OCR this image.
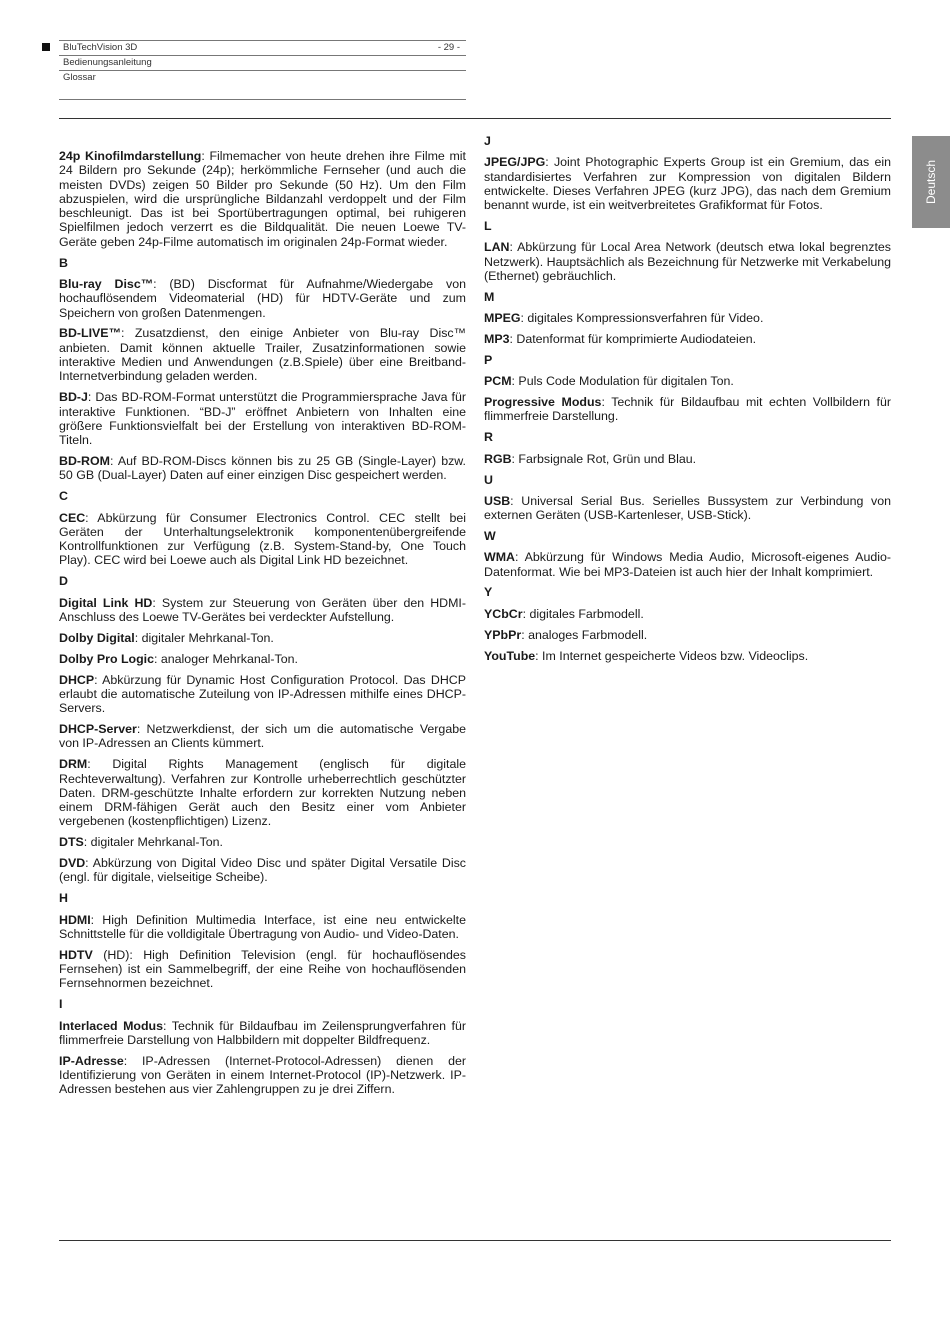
BluTechVision 3D	- 29 -
Bedienungsanleitung
Glossar
Deutsch
24p Kinofilmdarstellung: Filmemacher von heute drehen ihre Filme mit 24 Bildern pro Sekunde (24p); herkömmliche Fernseher (und auch die meisten DVDs) zeigen 50 Bilder pro Sekunde (50 Hz). Um den Film abzuspielen, wird die ursprüngliche Bildanzahl verdoppelt und der Film beschleunigt. Das ist bei Sportübertragungen optimal, bei ruhigeren Spielfilmen jedoch verzerrt es die Bildqualität. Die neuen Loewe TV-Geräte geben 24p-Filme automatisch im originalen 24p-Format wieder.
B
Blu-ray Disc™: (BD) Discformat für Aufnahme/Wiedergabe von hochauflösendem Videomaterial (HD) für HDTV-Geräte und zum Speichern von großen Datenmengen.
BD-LIVE™: Zusatzdienst, den einige Anbieter von Blu-ray Disc™ anbieten. Damit können aktuelle Trailer, Zusatzinformationen sowie interaktive Medien und Anwendungen (z.B.Spiele) über eine Breitband-Internetverbindung geladen werden.
BD-J: Das BD-ROM-Format unterstützt die Programmiersprache Java für interaktive Funktionen. “BD-J” eröffnet Anbietern von Inhalten eine größere Funktionsvielfalt bei der Erstellung von interaktiven BD-ROM-Titeln.
BD-ROM: Auf BD-ROM-Discs können bis zu 25 GB (Single-Layer) bzw. 50 GB (Dual-Layer) Daten auf einer einzigen Disc gespeichert werden.
C
CEC: Abkürzung für Consumer Electronics Control. CEC stellt bei Geräten der Unterhaltungselektronik komponentenübergreifende Kontrollfunktionen zur Verfügung (z.B. System-Stand-by, One Touch Play). CEC wird bei Loewe auch als Digital Link HD bezeichnet.
D
Digital Link HD: System zur Steuerung von Geräten über den HDMI-Anschluss des Loewe TV-Gerätes bei verdeckter Aufstellung.
Dolby Digital: digitaler Mehrkanal-Ton.
Dolby Pro Logic: analoger Mehrkanal-Ton.
DHCP: Abkürzung für Dynamic Host Configuration Protocol. Das DHCP erlaubt die automatische Zuteilung von IP-Adressen mithilfe eines DHCP-Servers.
DHCP-Server: Netzwerkdienst, der sich um die automatische Vergabe von IP-Adressen an Clients kümmert.
DRM: Digital Rights Management (englisch für digitale Rechteverwaltung). Verfahren zur Kontrolle urheberrechtlich geschützter Daten. DRM-geschützte Inhalte erfordern zur korrekten Nutzung neben einem DRM-fähigen Gerät auch den Besitz einer vom Anbieter vergebenen (kostenpflichtigen) Lizenz.
DTS: digitaler Mehrkanal-Ton.
DVD: Abkürzung von Digital Video Disc und später Digital Versatile Disc (engl. für digitale, vielseitige Scheibe).
H
HDMI: High Definition Multimedia Interface, ist eine neu entwickelte Schnittstelle für die volldigitale Übertragung von Audio- und Video-Daten.
HDTV (HD): High Definition Television (engl. für hochauflösendes Fernsehen) ist ein Sammelbegriff, der eine Reihe von hochauflösenden Fernsehnormen bezeichnet.
I
Interlaced Modus: Technik für Bildaufbau im Zeilensprungverfahren für flimmerfreie Darstellung von Halbbildern mit doppelter Bildfrequenz.
IP-Adresse: IP-Adressen (Internet-Protocol-Adressen) dienen der Identifizierung von Geräten in einem Internet-Protocol (IP)-Netzwerk. IP-Adressen bestehen aus vier Zahlengruppen zu je drei Ziffern.
J
JPEG/JPG: Joint Photographic Experts Group ist ein Gremium, das ein standardisiertes Verfahren zur Kompression von digitalen Bildern entwickelte. Dieses Verfahren JPEG (kurz JPG), das nach dem Gremium benannt wurde, ist ein weitverbreitetes Grafikformat für Fotos.
L
LAN: Abkürzung für Local Area Network (deutsch etwa lokal begrenztes Netzwerk). Hauptsächlich als Bezeichnung für Netzwerke mit Verkabelung (Ethernet) gebräuchlich.
M
MPEG: digitales Kompressionsverfahren für Video.
MP3: Datenformat für komprimierte Audiodateien.
P
PCM: Puls Code Modulation für digitalen Ton.
Progressive Modus: Technik für Bildaufbau mit echten Vollbildern für flimmerfreie Darstellung.
R
RGB: Farbsignale Rot, Grün und Blau.
U
USB: Universal Serial Bus. Serielles Bussystem zur Verbindung von externen Geräten (USB-Kartenleser, USB-Stick).
W
WMA: Abkürzung für Windows Media Audio, Microsoft-eigenes Audio-Datenformat. Wie bei MP3-Dateien ist auch hier der Inhalt komprimiert.
Y
YCbCr: digitales Farbmodell.
YPbPr: analoges Farbmodell.
YouTube: Im Internet gespeicherte Videos bzw. Videoclips.
